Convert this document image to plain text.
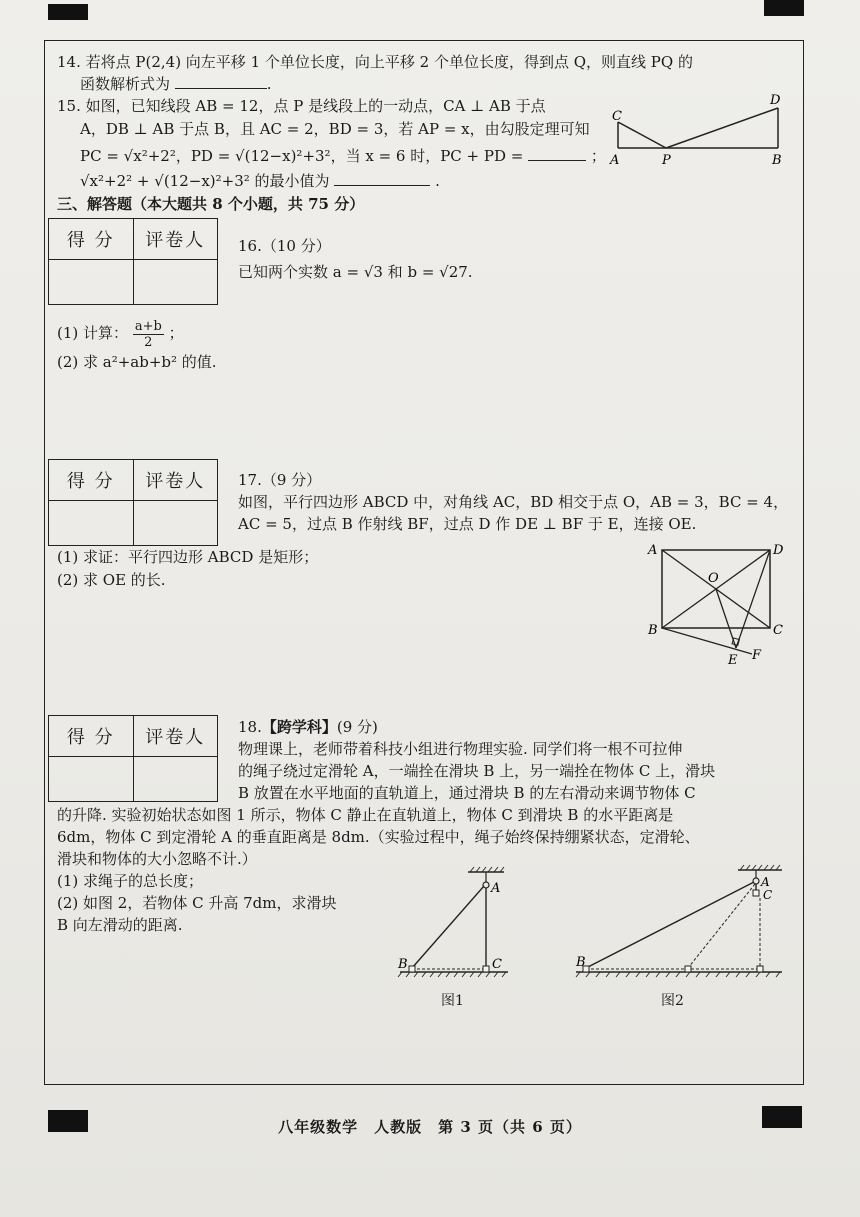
14. 若将点 P(2,4) 向左平移 1 个单位长度，向上平移 2 个单位长度，得到点 Q，则直线 PQ 的
函数解析式为	.
15. 如图，已知线段 AB = 12，点 P 是线段上的一动点，CA ⊥ AB 于点
A，DB ⊥ AB 于点 B，且 AC = 2，BD = 3，若 AP = x，由勾股定理可知
PC = √x²+2²，PD = √(12−x)²+3²，当 x = 6 时，PC + PD =	；
√x²+2² + √(12−x)²+3² 的最小值为	.
C
D
A	P	B
三、解答题（本大题共 8 个小题，共 75 分）
得 分	评卷人
	16.（10 分）
已知两个实数 a = √3 和 b = √27.
(1) 计算： $\frac{a+b}{2}$ ；
(2) 求 a²+ab+b² 的值.
得 分	评卷人
	17.（9 分）
如图，平行四边形 ABCD 中，对角线 AC，BD 相交于点 O，AB = 3，BC = 4，
AC = 5，过点 B 作射线 BF，过点 D 作 DE ⊥ BF 于 E，连接 OE.
(1) 求证：平行四边形 ABCD 是矩形；
(2) 求 OE 的长.
A	D
O
B	C
E F
得 分	评卷人
	18.【跨学科】(9 分)
物理课上，老师带着科技小组进行物理实验. 同学们将一根不可拉伸
的绳子绕过定滑轮 A，一端拴在滑块 B 上，另一端拴在物体 C 上，滑块
B 放置在水平地面的直轨道上，通过滑块 B 的左右滑动来调节物体 C
的升降. 实验初始状态如图 1 所示，物体 C 静止在直轨道上，物体 C 到滑块 B 的水平距离是
6dm，物体 C 到定滑轮 A 的垂直距离是 8dm.（实验过程中，绳子始终保持绷紧状态，定滑轮、
滑块和物体的大小忽略不计.）
(1) 求绳子的总长度；
(2) 如图 2，若物体 C 升高 7dm，求滑块
B 向左滑动的距离.
A
B	C
图1
A
C
B
图2
八年级数学　人教版　第 3 页（共 6 页）
